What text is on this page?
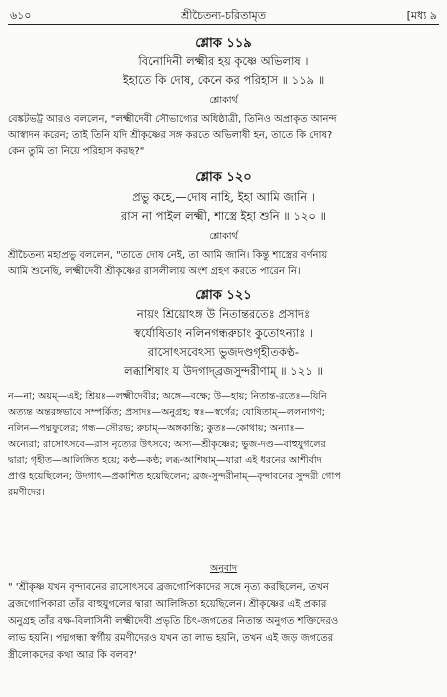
৬১০	শ্রীচৈতন্য-চরিতামৃত	[মধ্য ৯
শ্লোক ১১৯
বিনোদিনী লক্ষ্মীর হয় কৃষ্ণে অভিলাষ ।
ইহাতে কি দোষ, কেনে কর পরিহাস ॥ ১১৯ ॥
শ্লোকার্থ
বেঙ্কটভট্ট আরও বললেন, "লক্ষ্মীদেবী সৌভাগ্যের অধিষ্ঠাত্রী, তিনিও অপ্রাকৃত আনন্দ
আস্বাদন করেন; তাই তিনি যদি শ্রীকৃষ্ণের সঙ্গ করতে অভিলাষী হন, তাতে কি দোষ?
কেন তুমি তা নিয়ে পরিহাস করছ?"
শ্লোক ১২০
প্রভু কহে,—দোষ নাহি, ইহা আমি জানি ।
রাস না পাইল লক্ষ্মী, শাস্ত্রে ইহা শুনি ॥ ১২০ ॥
শ্লোকার্থ
শ্রীচৈতন্য মহাপ্রভু বললেন, "তাতে দোষ নেই, তা আমি জানি। কিন্তু শাস্ত্রের বর্ণনায়
আমি শুনেছি, লক্ষ্মীদেবী শ্রীকৃষ্ণের রাসলীলায় অংশ গ্রহণ করতে পারেন নি।
শ্লোক ১২১
নায়ং শ্রিয়োঽঙ্গ উ নিতান্তরতেঃ প্রসাদঃ
স্বর্যোষিতাং নলিনগন্ধরুচাং কুতোঽন্যাঃ ।
রাসোৎসবেঽস্য ভুজদণ্ডগৃহীতকণ্ঠ-
লব্ধাশিষাং য উদগাদ্‌ব্রজসুন্দরীণাম্‌ ॥ ১২১ ॥
ন—না; অয়ম্‌—এই; শ্রিয়ঃ—লক্ষ্মীদেবীর; অঙ্গে—বক্ষে; উ—হায়; নিতান্ত-রতেঃ—যিনি
অত্যন্ত অন্তরঙ্গভাবে সম্পর্কিত; প্রসাদঃ—অনুগ্রহ; স্বঃ—স্বর্গের; যোষিতাম্‌—ললনাগণ;
নলিন—পদ্মফুলের; গন্ধ—সৌরভ; রুচাম্‌—অঙ্গকান্তি; কুতঃ—কোথায়; অন্যাঃ—
অন্যেরা; রাসোৎসবে—রাস নৃত্যের উৎসবে; অস্য—শ্রীকৃষ্ণের; ভুজ-দণ্ড—বাহুযুগলের
দ্বারা; গৃহীত—আলিঙ্গিত হয়ে; কণ্ঠ—কণ্ঠ; লব্ধ-আশিষাম্‌—যারা এই ধরনের আশীর্বাদ
প্রাপ্ত হয়েছিলেন; উদগাৎ—প্রকাশিত হয়েছিলেন; ব্রজ-সুন্দরীনাম্‌—বৃন্দাবনের সুন্দরী গোপ
রমণীদের।
অনুবাদ
" 'শ্রীকৃষ্ণ যখন বৃন্দাবনের রাসোৎসবে ব্রজগোপিকাদের সঙ্গে নৃত্য করছিলেন, তখন
ব্রজগোপিকারা তাঁর বাহুযুগলের দ্বারা আলিঙ্গিতা হয়েছিলেন। শ্রীকৃষ্ণের এই প্রকার
অনুগ্রহ তাঁর বক্ষ-বিলাসিনী লক্ষ্মীদেবী প্রভৃতি চিৎ-জগতের নিতান্ত অনুগত শক্তিদেরও
লাভ হয়নি। পদ্মগন্ধা স্বর্গীয় রমণীদেরও যখন তা লাভ হয়নি, তখন এই জড় জগতের
স্ত্রীলোকদের কথা আর কি বলব?'
